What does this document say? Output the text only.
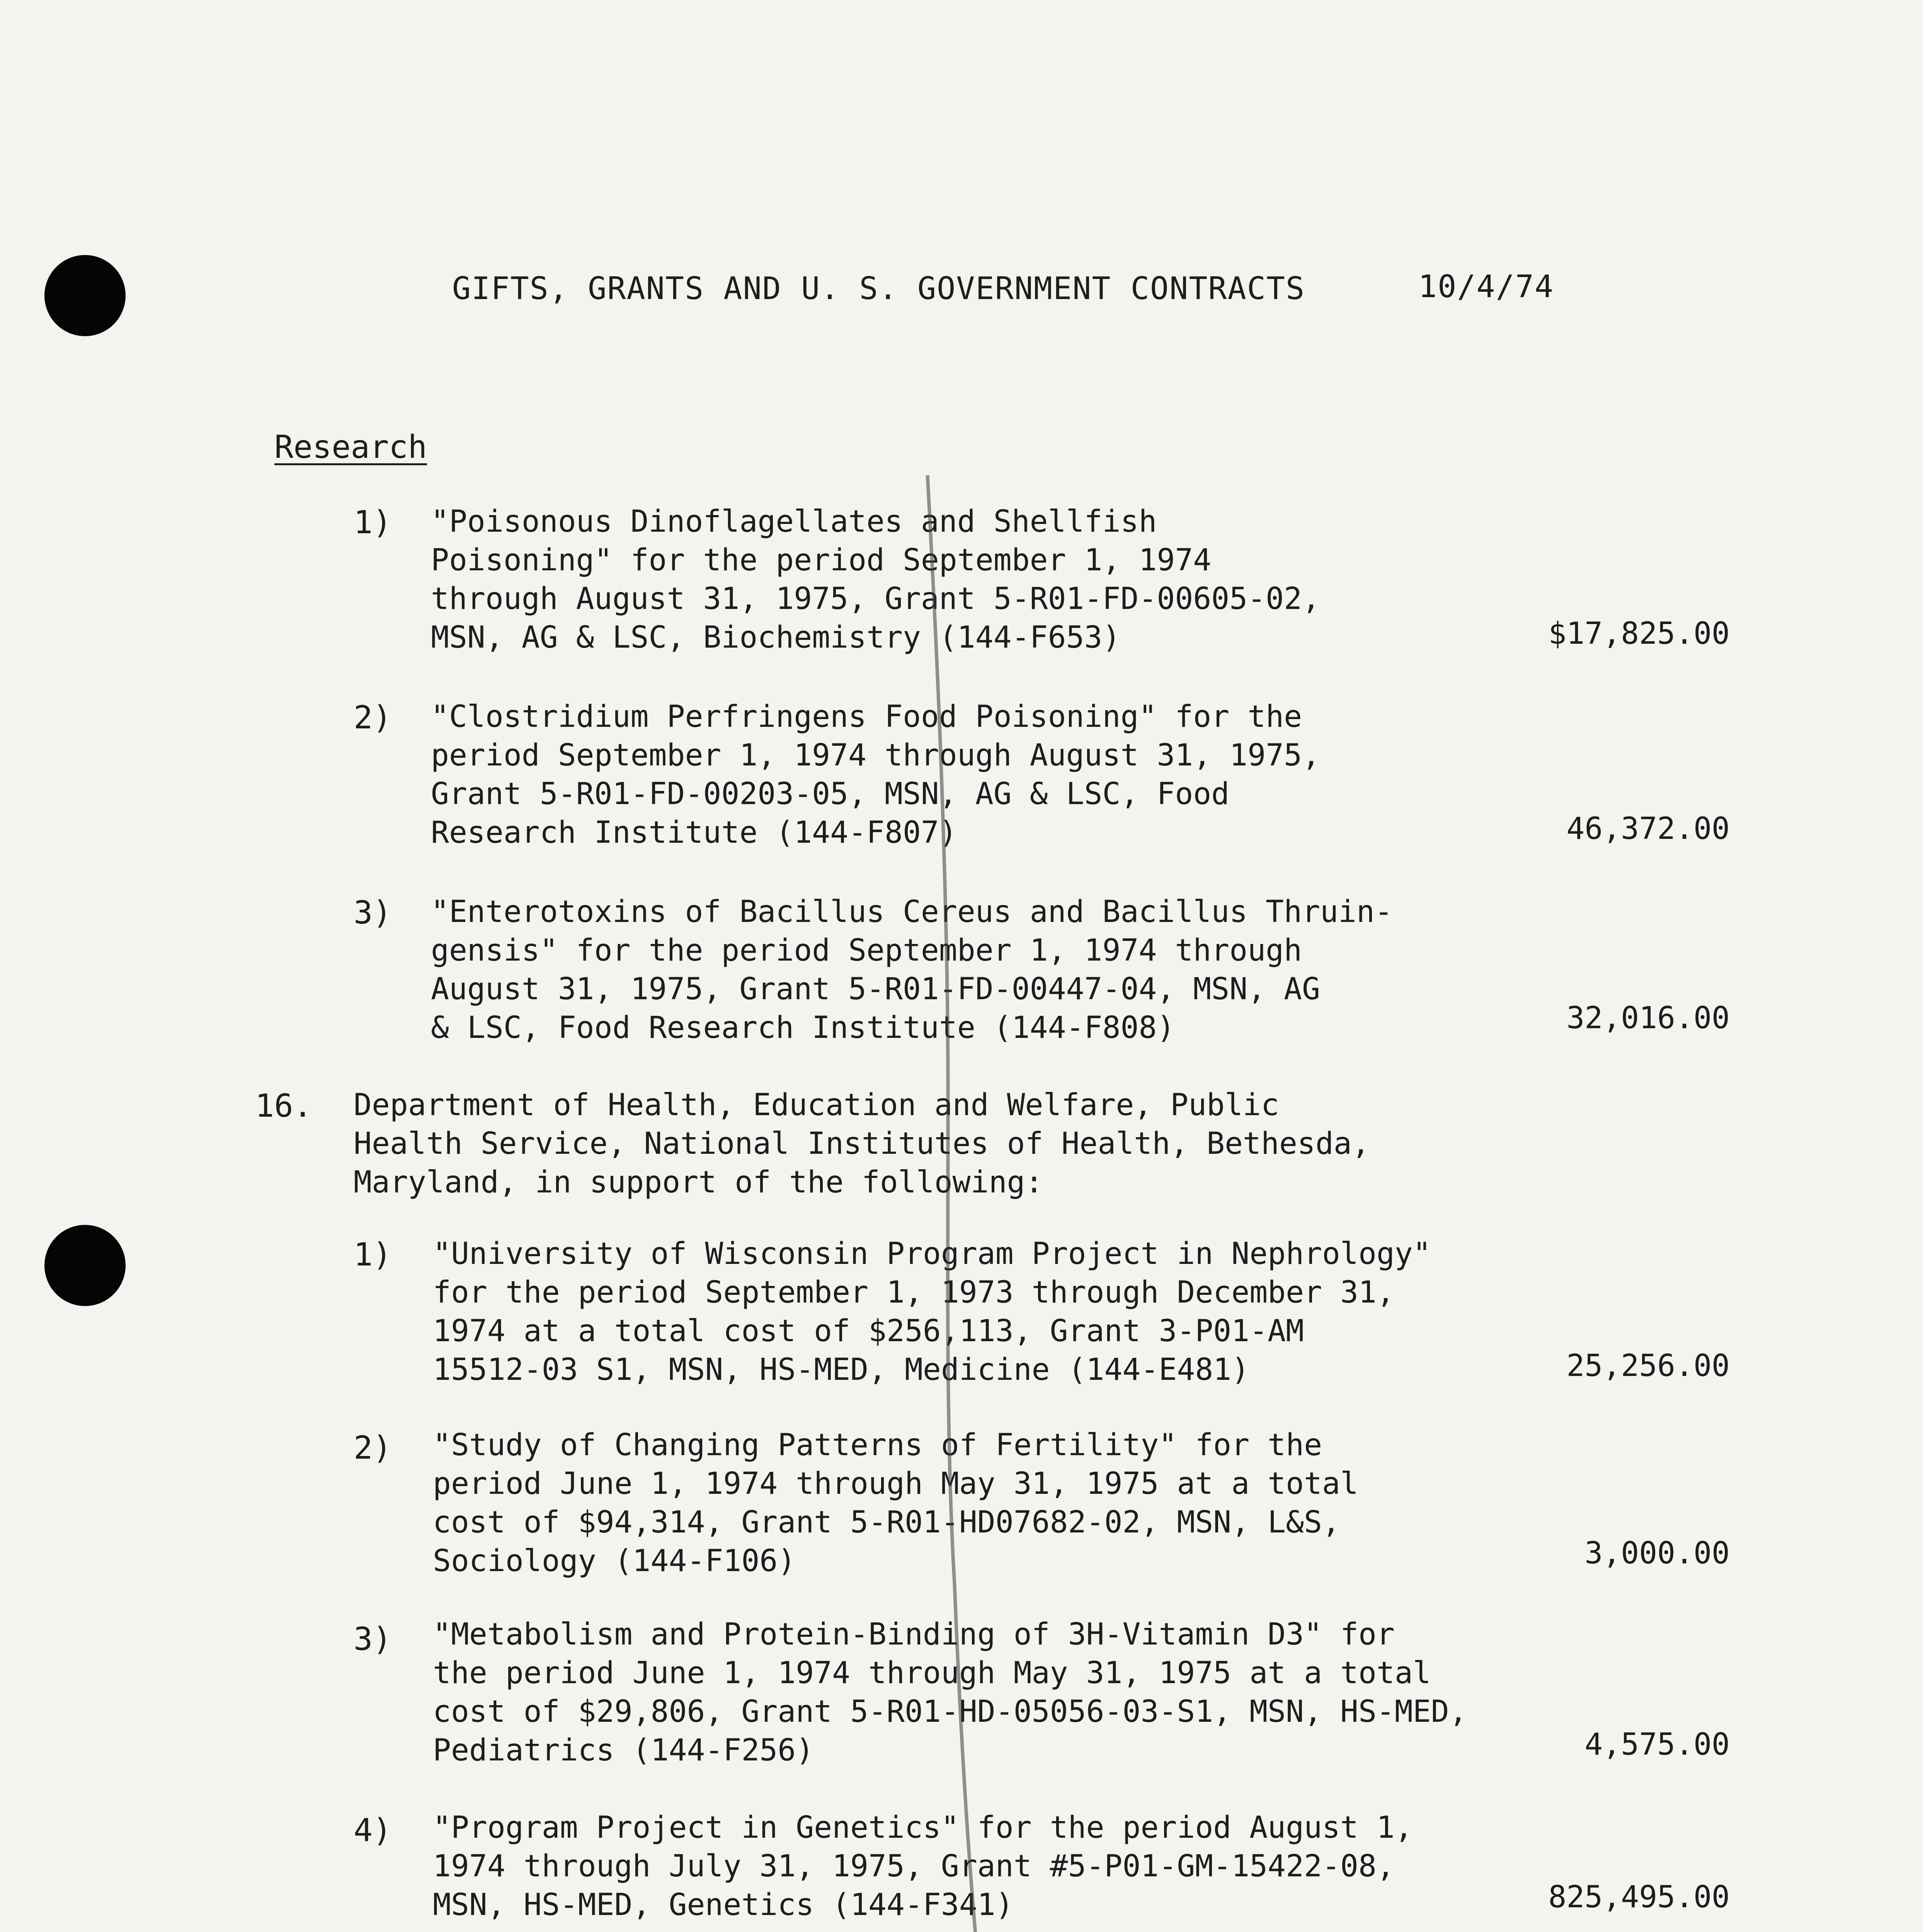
GIFTS, GRANTS AND U. S. GOVERNMENT CONTRACTS	10/4/74
Research
1) "Poisonous Dinoflagellates and Shellfish
Poisoning" for the period September 1, 1974
through August 31, 1975, Grant 5-R01-FD-00605-02,
MSN, AG & LSC, Biochemistry (144-F653)	$17,825.00
2) "Clostridium Perfringens Food Poisoning" for the
period September 1, 1974 through August 31, 1975,
Grant 5-R01-FD-00203-05, MSN, AG & LSC, Food
Research Institute (144-F807)	46,372.00
3) "Enterotoxins of Bacillus Cereus and Bacillus Thruin-
gensis" for the period September 1, 1974 through
August 31, 1975, Grant 5-R01-FD-00447-04, MSN, AG
& LSC, Food Research Institute (144-F808)	32,016.00
16. Department of Health, Education and Welfare, Public
Health Service, National Institutes of Health, Bethesda,
Maryland, in support of the following:
1) "University of Wisconsin Program Project in Nephrology"
for the period September 1, 1973 through December 31,
1974 at a total cost of $256,113, Grant 3-P01-AM
15512-03 S1, MSN, HS-MED, Medicine (144-E481)	25,256.00
2) "Study of Changing Patterns of Fertility" for the
period June 1, 1974 through May 31, 1975 at a total
cost of $94,314, Grant 5-R01-HD07682-02, MSN, L&S,
Sociology (144-F106)	3,000.00
3) "Metabolism and Protein-Binding of 3H-Vitamin D3" for
the period June 1, 1974 through May 31, 1975 at a total
cost of $29,806, Grant 5-R01-HD-05056-03-S1, MSN, HS-MED,
Pediatrics (144-F256)	4,575.00
4) "Program Project in Genetics" for the period August 1,
1974 through July 31, 1975, Grant #5-P01-GM-15422-08,
MSN, HS-MED, Genetics (144-F341)	825,495.00
